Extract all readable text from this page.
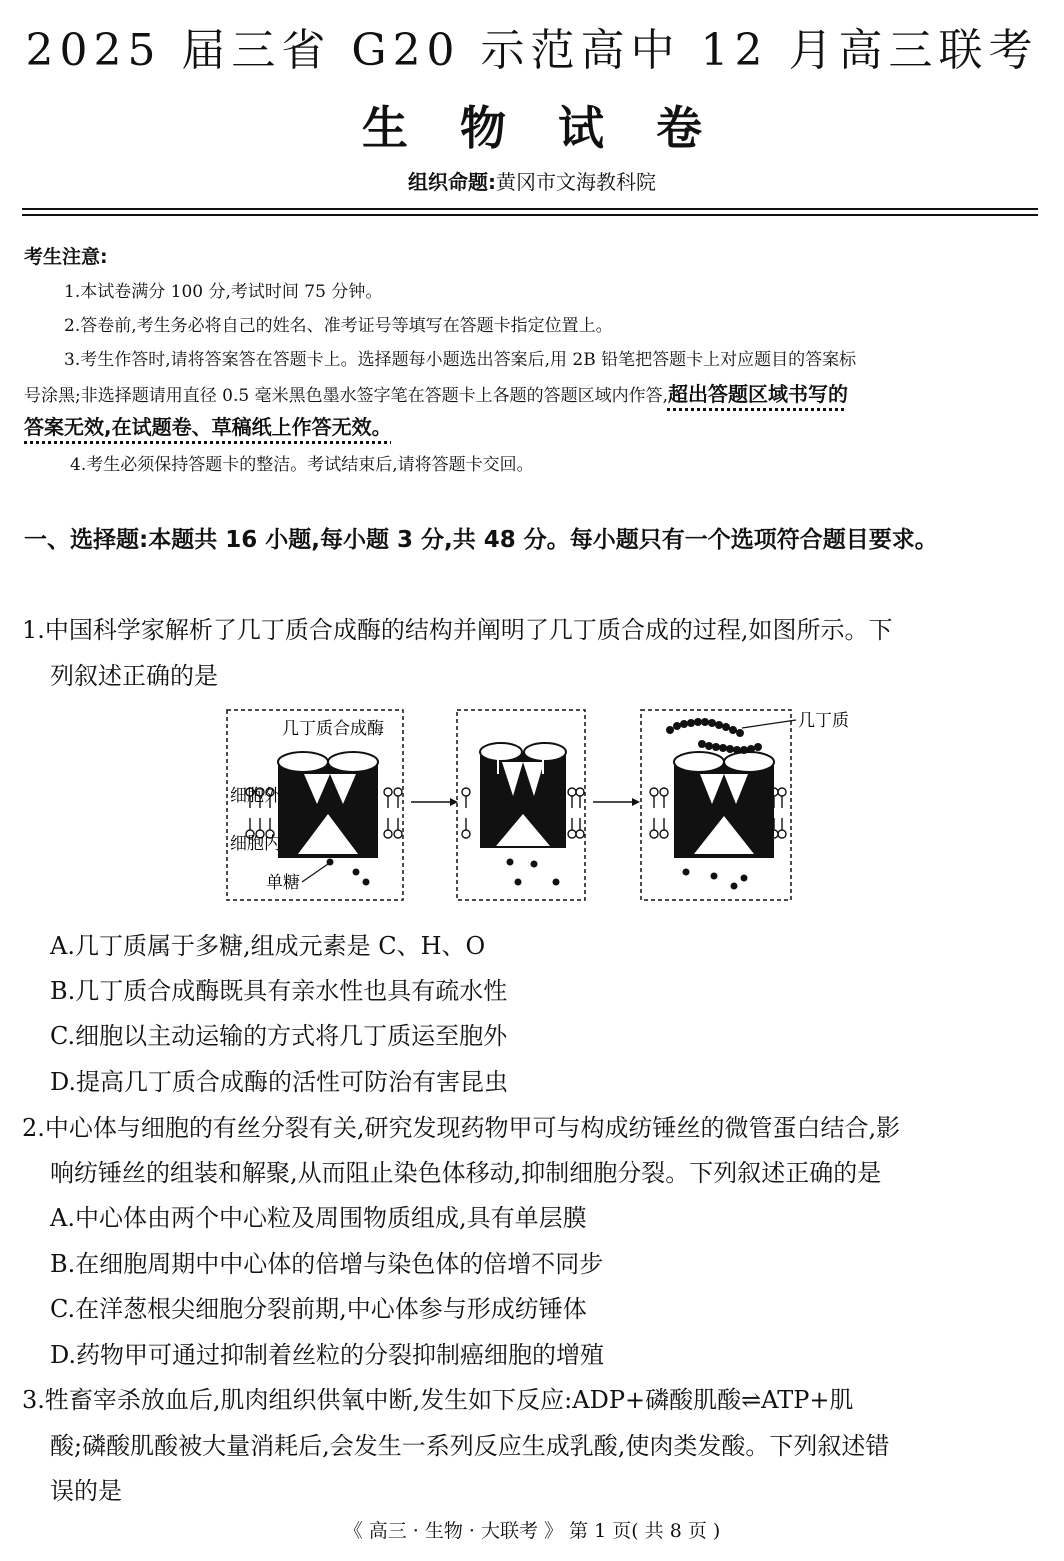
2025 届三省 G20 示范高中 12 月高三联考
生物试卷
组织命题:黄冈市文海教科院
考生注意:
1.本试卷满分 100 分,考试时间 75 分钟。
2.答卷前,考生务必将自己的姓名、准考证号等填写在答题卡指定位置上。
3.考生作答时,请将答案答在答题卡上。选择题每小题选出答案后,用 2B 铅笔把答题卡上对应题目的答案标
号涂黑;非选择题请用直径 0.5 毫米黑色墨水签字笔在答题卡上各题的答题区域内作答,超出答题区域书写的
答案无效,在试题卷、草稿纸上作答无效。
4.考生必须保持答题卡的整洁。考试结束后,请将答题卡交回。
一、选择题:本题共 16 小题,每小题 3 分,共 48 分。每小题只有一个选项符合题目要求。
1.中国科学家解析了几丁质合成酶的结构并阐明了几丁质合成的过程,如图所示。下
列叙述正确的是
几丁质合成酶
细胞外
细胞内
单糖
几丁质
A.几丁质属于多糖,组成元素是 C、H、O
B.几丁质合成酶既具有亲水性也具有疏水性
C.细胞以主动运输的方式将几丁质运至胞外
D.提高几丁质合成酶的活性可防治有害昆虫
2.中心体与细胞的有丝分裂有关,研究发现药物甲可与构成纺锤丝的微管蛋白结合,影
响纺锤丝的组装和解聚,从而阻止染色体移动,抑制细胞分裂。下列叙述正确的是
A.中心体由两个中心粒及周围物质组成,具有单层膜
B.在细胞周期中中心体的倍增与染色体的倍增不同步
C.在洋葱根尖细胞分裂前期,中心体参与形成纺锤体
D.药物甲可通过抑制着丝粒的分裂抑制癌细胞的增殖
3.牲畜宰杀放血后,肌肉组织供氧中断,发生如下反应:ADP+磷酸肌酸⇌ATP+肌
酸;磷酸肌酸被大量消耗后,会发生一系列反应生成乳酸,使肉类发酸。下列叙述错
误的是
《 高三 · 生物 · 大联考 》 第 1 页( 共 8 页 )
